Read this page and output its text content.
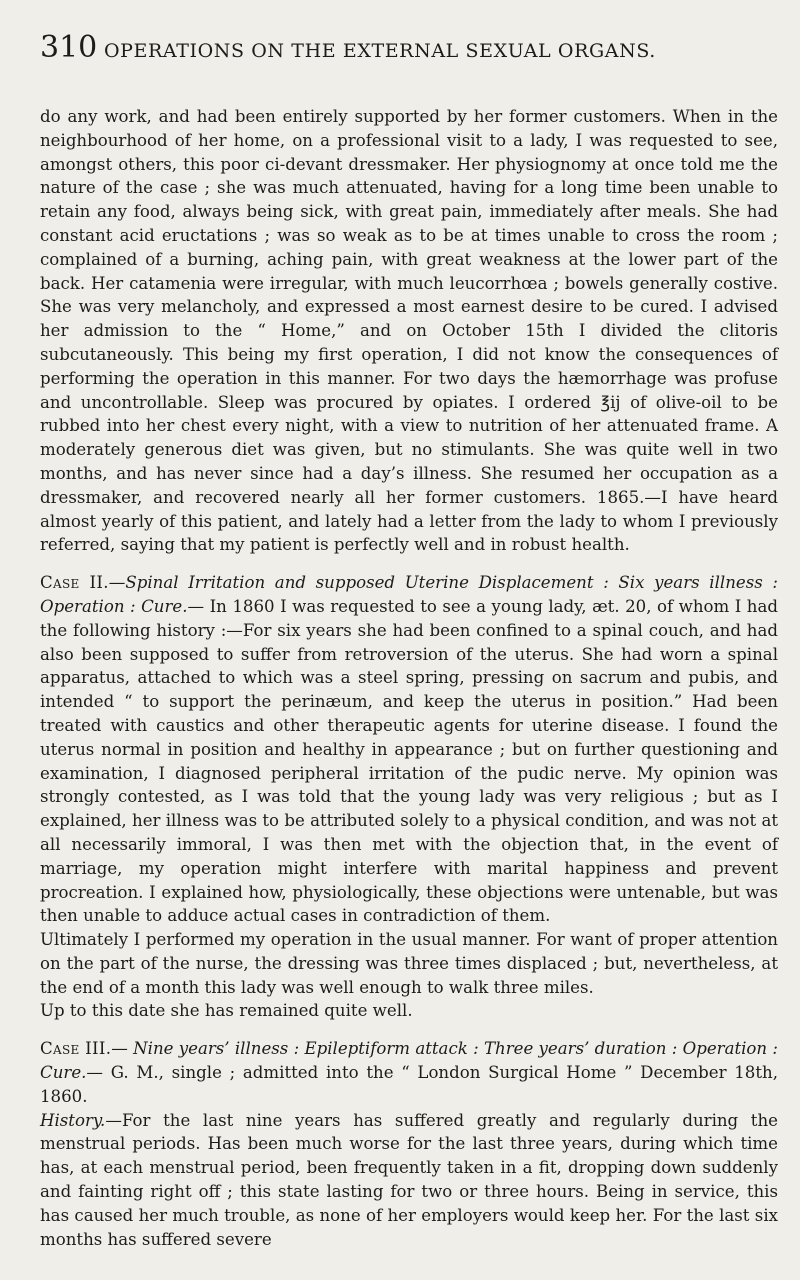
310 OPERATIONS ON THE EXTERNAL SEXUAL ORGANS.

do any work, and had been entirely supported by her former customers. When in the neighbourhood of her home, on a professional visit to a lady, I was requested to see, amongst others, this poor ci-devant dressmaker. Her physiognomy at once told me the nature of the case ; she was much attenuated, having for a long time been unable to retain any food, always being sick, with great pain, immediately after meals. She had constant acid eructations ; was so weak as to be at times unable to cross the room ; complained of a burning, aching pain, with great weakness at the lower part of the back. Her catamenia were irregular, with much leucorrhœa ; bowels generally costive. She was very melancholy, and expressed a most earnest desire to be cured. I advised her admission to the “ Home,” and on October 15th I divided the clitoris subcutaneously. This being my first operation, I did not know the consequences of performing the operation in this manner. For two days the hæmorrhage was profuse and uncontrollable. Sleep was procured by opiates. I ordered ℥ij of olive-oil to be rubbed into her chest every night, with a view to nutrition of her attenuated frame. A moderately generous diet was given, but no stimulants. She was quite well in two months, and has never since had a day’s illness. She resumed her occupation as a dressmaker, and recovered nearly all her former customers. 1865.—I have heard almost yearly of this patient, and lately had a letter from the lady to whom I previously referred, saying that my patient is perfectly well and in robust health.

Case II.—Spinal Irritation and supposed Uterine Displacement : Six years illness : Operation : Cure.— In 1860 I was requested to see a young lady, æt. 20, of whom I had the following history :—For six years she had been confined to a spinal couch, and had also been supposed to suffer from retroversion of the uterus. She had worn a spinal apparatus, attached to which was a steel spring, pressing on sacrum and pubis, and intended “ to support the perinæum, and keep the uterus in position.” Had been treated with caustics and other therapeutic agents for uterine disease. I found the uterus normal in position and healthy in appearance ; but on further questioning and examination, I diagnosed peripheral irritation of the pudic nerve. My opinion was strongly contested, as I was told that the young lady was very religious ; but as I explained, her illness was to be attributed solely to a physical condition, and was not at all necessarily immoral, I was then met with the objection that, in the event of marriage, my operation might interfere with marital happiness and prevent procreation. I explained how, physiologically, these objections were untenable, but was then unable to adduce actual cases in contradiction of them.

Ultimately I performed my operation in the usual manner. For want of proper attention on the part of the nurse, the dressing was three times displaced ; but, nevertheless, at the end of a month this lady was well enough to walk three miles.

Up to this date she has remained quite well.

Case III.— Nine years’ illness : Epileptiform attack : Three years’ duration : Operation : Cure.— G. M., single ; admitted into the “ London Surgical Home ” December 18th, 1860.

History.—For the last nine years has suffered greatly and regularly during the menstrual periods. Has been much worse for the last three years, during which time has, at each menstrual period, been frequently taken in a fit, dropping down suddenly and fainting right off ; this state lasting for two or three hours. Being in service, this has caused her much trouble, as none of her employers would keep her. For the last six months has suffered severe
